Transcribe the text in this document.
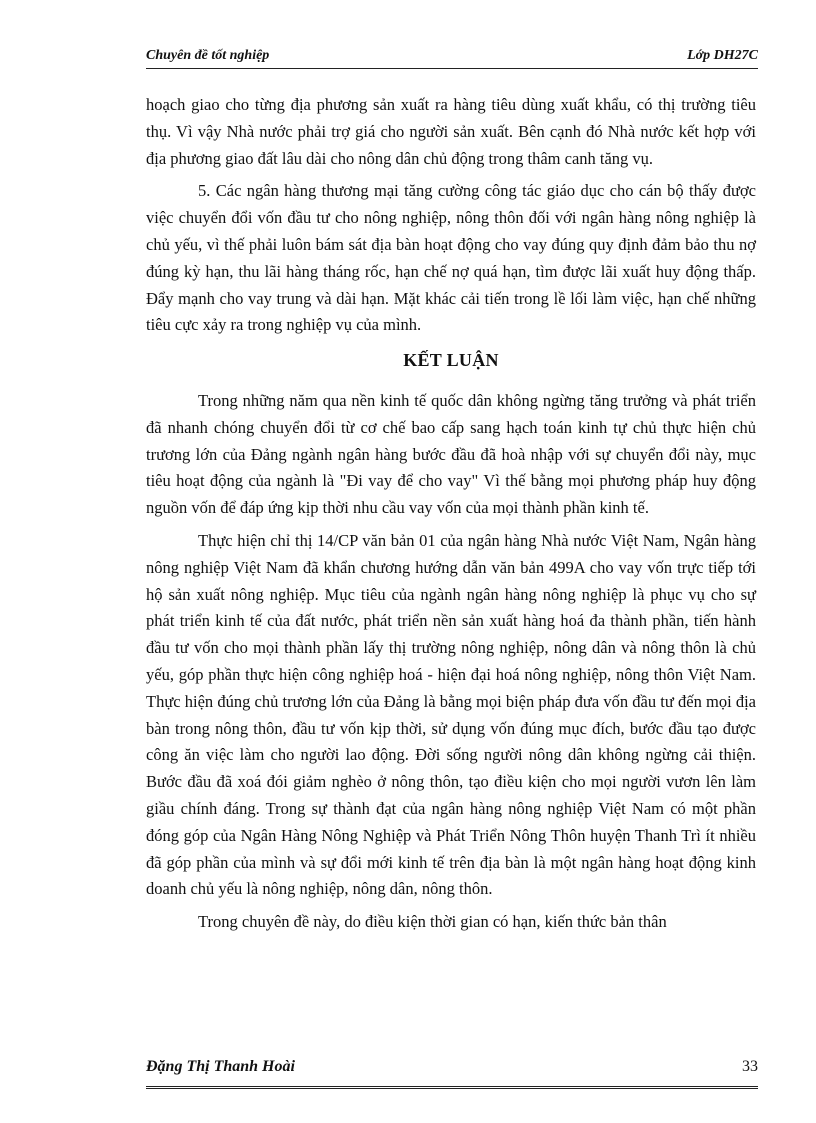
Chuyên đề tốt nghiệp	Lớp DH27C

hoạch giao cho từng địa phương sản xuất ra hàng tiêu dùng xuất khẩu, có thị trường tiêu thụ. Vì vậy Nhà nước phải trợ giá cho người sản xuất. Bên cạnh đó Nhà nước kết hợp với địa phương giao đất lâu dài cho nông dân chủ động trong thâm canh tăng vụ.

5. Các ngân hàng thương mại tăng cường công tác giáo dục cho cán bộ thấy được việc chuyển đổi vốn đầu tư cho nông nghiệp, nông thôn đối với ngân hàng nông nghiệp là chủ yếu, vì thế phải luôn bám sát địa bàn hoạt động cho vay đúng quy định đảm bảo thu nợ đúng kỳ hạn, thu lãi hàng tháng rốc, hạn chế nợ quá hạn, tìm được lãi xuất huy động thấp. Đẩy mạnh cho vay trung và dài hạn. Mặt khác cải tiến trong lề lối làm việc, hạn chế những tiêu cực xảy ra trong nghiệp vụ của mình.

KẾT LUẬN

Trong những năm qua nền kinh tế quốc dân không ngừng tăng trưởng và phát triển đã nhanh chóng chuyển đổi từ cơ chế bao cấp sang hạch toán kinh tự chủ thực hiện chủ trương lớn của Đảng ngành ngân hàng bước đầu đã hoà nhập với sự chuyển đổi này, mục tiêu hoạt động của ngành là "Đi vay để cho vay" Vì thế bằng mọi phương pháp huy động nguồn vốn để đáp ứng kịp thời nhu cầu vay vốn của mọi thành phần kinh tế.

Thực hiện chỉ thị 14/CP văn bản 01 của ngân hàng Nhà nước Việt Nam, Ngân hàng nông nghiệp Việt Nam đã khẩn chương hướng dẫn văn bản 499A cho vay vốn trực tiếp tới hộ sản xuất nông nghiệp. Mục tiêu của ngành ngân hàng nông nghiệp là phục vụ cho sự phát triển kinh tế của đất nước, phát triển nền sản xuất hàng hoá đa thành phần, tiến hành đầu tư vốn cho mọi thành phần lấy thị trường nông nghiệp, nông dân và nông thôn là chủ yếu, góp phần thực hiện công nghiệp hoá - hiện đại hoá nông nghiệp, nông thôn Việt Nam. Thực hiện đúng chủ trương lớn của Đảng là bằng mọi biện pháp đưa vốn đầu tư đến mọi địa bàn trong nông thôn, đầu tư vốn kịp thời, sử dụng vốn đúng mục đích, bước đầu tạo được công ăn việc làm cho người lao động. Đời sống người nông dân không ngừng cải thiện. Bước đầu đã xoá đói giảm nghèo ở nông thôn, tạo điều kiện cho mọi người vươn lên làm giầu chính đáng. Trong sự thành đạt của ngân hàng nông nghiệp Việt Nam có một phần đóng góp của Ngân Hàng Nông Nghiệp và Phát Triển Nông Thôn huyện Thanh Trì ít nhiều đã góp phần của mình và sự đổi mới kinh tế trên địa bàn là một ngân hàng hoạt động kinh doanh chủ yếu là nông nghiệp, nông dân, nông thôn.

Trong chuyên đề này, do điều kiện thời gian có hạn, kiến thức bản thân

Đặng Thị Thanh Hoài	33
